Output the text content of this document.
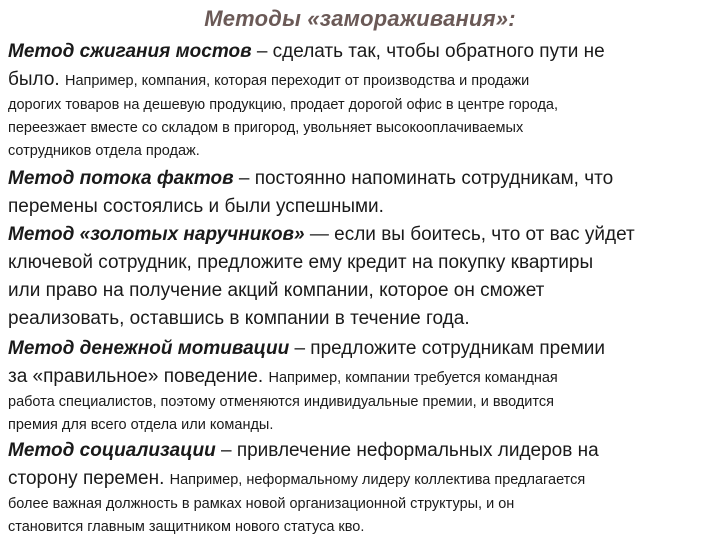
Методы «замораживания»:
Метод сжигания мостов – сделать так, чтобы обратного пути не
было. Например, компания, которая переходит от производства и продажи
дорогих товаров на дешевую продукцию, продает дорогой офис в центре города,
переезжает вместе со складом в пригород, увольняет высокооплачиваемых
сотрудников отдела продаж.
Метод потока фактов – постоянно напоминать сотрудникам, что
перемены состоялись и были успешными.
Метод «золотых наручников» — если вы боитесь, что от вас уйдет
ключевой сотрудник, предложите ему кредит на покупку квартиры
или право на получение акций компании, которое он сможет
реализовать, оставшись в компании в течение года.
Метод денежной мотивации – предложите сотрудникам премии
за «правильное» поведение. Например, компании требуется командная
работа специалистов, поэтому отменяются индивидуальные премии, и вводится
премия для всего отдела или команды.
Метод социализации – привлечение неформальных лидеров на
сторону перемен. Например, неформальному лидеру коллектива предлагается
более важная должность в рамках новой организационной структуры, и он
становится главным защитником нового статуса кво.
